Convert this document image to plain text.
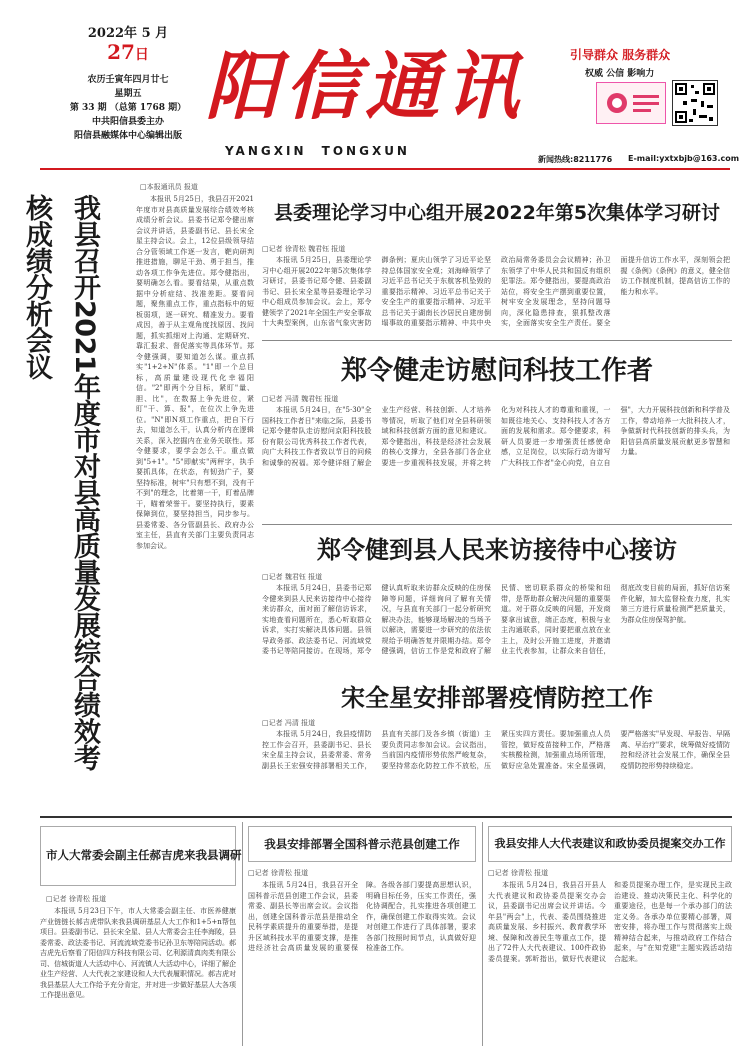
2022年 5 月
27日
农历壬寅年四月廿七
星期五
第 33 期 （总第 1768 期）
中共阳信县委主办
阳信县融媒体中心编辑出版
阳信通讯
YANGXIN TONGXUN
引导群众 服务群众
权威 公信 影响力
新闻热线:8211776	E-mail:yxtxbjb@163.com
我县召开2021年度市对县高质量发展综合绩效考核成绩分析会议
□本报通讯员 报道
本报讯 5月25日，我县召开2021年度市对县高质量发展综合绩效考核成绩分析会议。县委书记郑令健出席会议并讲话，县委副书记、县长宋全星主持会议。会上，12位县级领导结合分管领域工作逐一发言，靶向研判推进措施，聊足干劲、勇于担当，推动各项工作争先进位。郑令健指出，要明确怎么看。要看结果，从重点数据中分析症结、找准差距。要看问题，聚焦重点工作，重点指标中的短板弱项，逐一研究、精准发力。要看成因，善于从主观角度找原因、找问题，抓实抓细对上沟通、定期研究、靠汇报求、督促落实等具体环节。郑令健强调，要知道怎么谋。重点抓实"1+2+N"体系。"1"即一个总目标，高质量建设现代化幸福阳信。"2"即两个分目标，紧盯"量、胆、比"，在数据上争先进位，紧盯"干、算、报"，在位次上争先进位。"N"即N项工作重点，把自下行去，知道怎么干，认真分析内在逻辑关系，深入挖掘内在业务关联性。郑令健要求，要学会怎么干。重点做到"5+1"。"5"即献实"两秤字，执手要抓具体，在状态，有韧劲广子，要坚持标准，树牢"只有想不到，没有干不到"的理念，比着第一干，盯着品牌干，瞄着荣誉干。要坚持执行，要素保障到位，要坚持担当，同步参与。县委常委、各分管副县长、政府办公室主任，县直有关部门主要负责同志参加会议。
县委理论学习中心组开展2022年第5次集体学习研讨
□记者 徐青松 魏君钰 报道
本报讯 5月25日，县委理论学习中心组开展2022年第5次集体学习研讨，县委书记郑令健、县委副书记、县长宋全星等县委理论学习中心组成员参加会议。会上，郑令健领学了2021年全国生产安全事故十大典型案例，山东省气象灾害防御条例；夏庆山领学了习近平论坚持总体国家安全观；刘海峰领学了习近平总书记关于东航客机坠毁的重要指示精神、习近平总书记关于安全生产的重要指示精神、习近平总书记关于湖南长沙居民自建房倒塌事故的重要指示精神、中共中央政治局常务委员会会议精神；孙卫东领学了中华人民共和国反有组织犯罪法。郑令健指出，要提高政治站位，将安全生产摆到重要位置，树牢安全发展理念，坚持问题导向，深化隐患排查，狠抓整改落实，全面落实安全生产责任。要全面提升信访工作水平，深刻领会把握《条例》《条例》的意义，健全信访工作制度机制，提高信访工作的能力和水平。
郑令健走访慰问科技工作者
□记者 冯清 魏君钰 报道
本报讯 5月24日，在"5·30"全国科技工作者日"来临之际，县委书记郑令健带队走访慰问京阳科技股份有限公司优秀科技工作者代表，向广大科技工作者致以节日的问候和诚挚的祝福。郑令健详细了解企业生产经营、科技创新、人才培养等情况，听取了他们对全县科研领域和科技创新方面的意见和建议。郑令健指出，科技是经济社会发展的核心支撑力，全县各部门各企业要进一步重视科技发展，并将之转化为对科技人才的尊重和重视，一如既往地关心、支持科技人才各方面的发展和需求。郑令健要求，科研人员要进一步增强责任感使命感，立足岗位，以实际行动为谱写广大科技工作者"金心向党，自立自强"，大力开展科技创新和科学普及工作，带动培养一大批科技人才，争做新时代科技创新的排头兵，为阳信县高质量发展贡献更多智慧和力量。
郑令健到县人民来访接待中心接访
□记者 魏君钰 报道
本报讯 5月24日，县委书记郑令健来到县人民来访接待中心接待来访群众，面对面了解信访诉求，实地查看问题所在，悉心听取群众诉求，实打实解决具体问题。县领导政务部、政法委书记、河流域党委书记等陪同接访。在现场，郑令健认真听取来访群众反映的住房保障等问题，详细询问了解有关情况，与县直有关部门一起分析研究解决办法，能够现场解决的当场予以解决，需要进一步研究的依法依规给予明确答复并限期办结。郑令健强调，信访工作是党和政府了解民情、密切联系群众的桥梁和纽带，是帮助群众解决问题的重要渠道。对于群众反映的问题，开发商要拿出诚意，端正态度，积极与业主沟通联系，同时要把重点放在业主上，及时公开施工进度，并邀请业主代表参加，让群众来自信任，彻底改变目前的局面，抓好信访案件化解，加大监督检查力度，扎实第三方进行质量检测严把质量关，为群众住房保驾护航。
宋全星安排部署疫情防控工作
□记者 冯清 报道
本报讯 5月24日，我县疫情防控工作会召开，县委副书记、县长宋全星主持会议，县委常委、常务副县长王宏强安排部署相关工作，县直有关部门及各乡镇（街道）主要负责同志参加会议。会议指出，当前国内疫情形势依然严峻复杂，要坚持常态化防控工作不放松，压紧压实四方责任。要加强重点人员管控，做好疫苗接种工作，严格落实核酸检测，加强重点场所管理，做好应急处置准备。宋全星强调，要严格落实"早发现、早报告、早隔离、早治疗"要求，统筹做好疫情防控和经济社会发展工作，确保全县疫情防控形势持续稳定。
市人大常委会副主任郝吉虎来我县调研
□记者 徐青松 报道
本报讯 5月23日下午，市人大常委会副主任、市医养健康产业链链长郝吉虎带队来我县调研基层人大工作和1+5+n帮包项目。县委副书记、县长宋全星、县人大常委会主任李海陵，县委常委、政法委书记、河流流域党委书记孙卫东等陪同活动。郝吉虎先后察看了阳信四方科技有限公司、亿利源清真肉类有限公司、信城街道人大活动中心、河流镇人大活动中心，详细了解企业生产经营、人大代表之家建设和人大代表履职情况。郝吉虎对我县基层人大工作给予充分肯定，并对进一步做好基层人大各项工作提出意见。
我县安排部署全国科普示范县创建工作
□记者 徐青松 报道
本报讯 5月24日，我县召开全国科普示范县创建工作会议，县委常委、副县长等出席会议。会议指出，创建全国科普示范县是推动全民科学素质提升的重要举措，是提升区域科技水平的重要支撑，是推进经济社会高质量发展的重要保障。各级各部门要提高思想认识，明确目标任务，压实工作责任，强化协调配合，扎实推进各项创建工作，确保创建工作取得实效。会议对创建工作进行了具体部署，要求各部门按照时间节点，认真做好迎检准备工作。
我县安排人大代表建议和政协委员提案交办工作
□记者 徐青松 报道
本报讯 5月24日，我县召开县人大代表建议和政协委员提案交办会议，县委副书记出席会议并讲话。今年县"两会"上，代表、委员围绕推进高质量发展、乡村振兴、教育教学环境、保障和改善民生等重点工作，提出了72件人大代表建议、100件政协委员提案。郭昕指出，做好代表建议和委员提案办理工作，是实现民主政治建设、推动决策民主化、科学化的重要途径，也是每一个承办部门的法定义务。各承办单位要精心部署，周密安排，将办理工作与贯彻落实上级精神结合起来，与推动政府工作结合起来，与"在知党建"主题实践活动结合起来。
